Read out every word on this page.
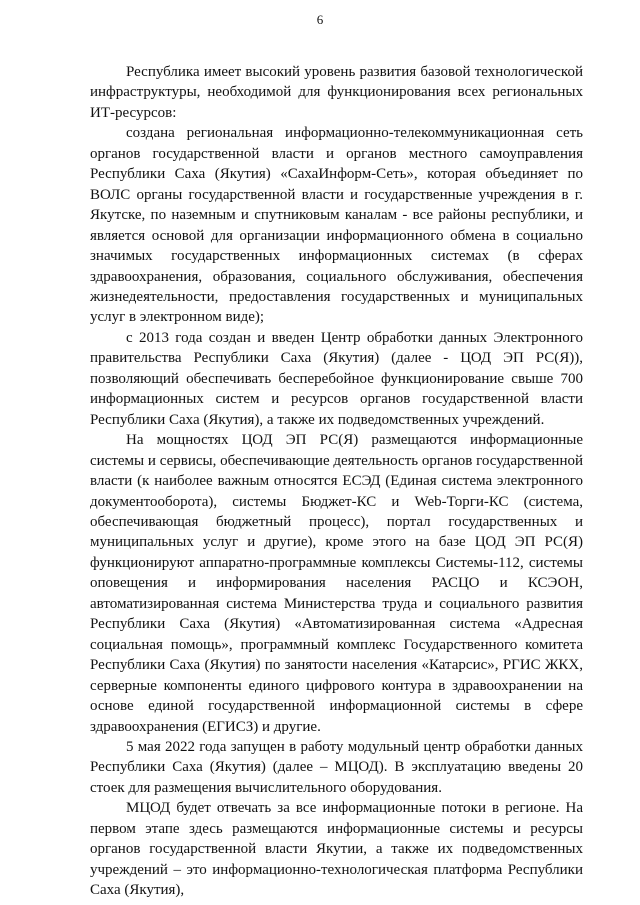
6

Республика имеет высокий уровень развития базовой технологической инфраструктуры, необходимой для функционирования всех региональных ИТ-ресурсов:

создана региональная информационно-телекоммуникационная сеть органов государственной власти и органов местного самоуправления Республики Саха (Якутия) «СахаИнформ-Сеть», которая объединяет по ВОЛС органы государственной власти и государственные учреждения в г. Якутске, по наземным и спутниковым каналам - все районы республики, и является основой для организации информационного обмена в социально значимых государственных информационных системах (в сферах здравоохранения, образования, социального обслуживания, обеспечения жизнедеятельности, предоставления государственных и муниципальных услуг в электронном виде);

с 2013 года создан и введен Центр обработки данных Электронного правительства Республики Саха (Якутия) (далее - ЦОД ЭП РС(Я)), позволяющий обеспечивать бесперебойное функционирование свыше 700 информационных систем и ресурсов органов государственной власти Республики Саха (Якутия), а также их подведомственных учреждений.

На мощностях ЦОД ЭП РС(Я) размещаются информационные системы и сервисы, обеспечивающие деятельность органов государственной власти (к наиболее важным относятся ЕСЭД (Единая система электронного документооборота), системы Бюджет-КС и Web-Торги-КС (система, обеспечивающая бюджетный процесс), портал государственных и муниципальных услуг и другие), кроме этого на базе ЦОД ЭП РС(Я) функционируют аппаратно-программные комплексы Системы-112, системы оповещения и информирования населения РАСЦО и КСЭОН, автоматизированная система Министерства труда и социального развития Республики Саха (Якутия) «Автоматизированная система «Адресная социальная помощь», программный комплекс Государственного комитета Республики Саха (Якутия) по занятости населения «Катарсис», РГИС ЖКХ, серверные компоненты единого цифрового контура в здравоохранении на основе единой государственной информационной системы в сфере здравоохранения (ЕГИСЗ) и другие.

5 мая 2022 года запущен в работу модульный центр обработки данных Республики Саха (Якутия) (далее – МЦОД). В эксплуатацию введены 20 стоек для размещения вычислительного оборудования.

МЦОД будет отвечать за все информационные потоки в регионе. На первом этапе здесь размещаются информационные системы и ресурсы органов государственной власти Якутии, а также их подведомственных учреждений – это информационно-технологическая платформа Республики Саха (Якутия),
